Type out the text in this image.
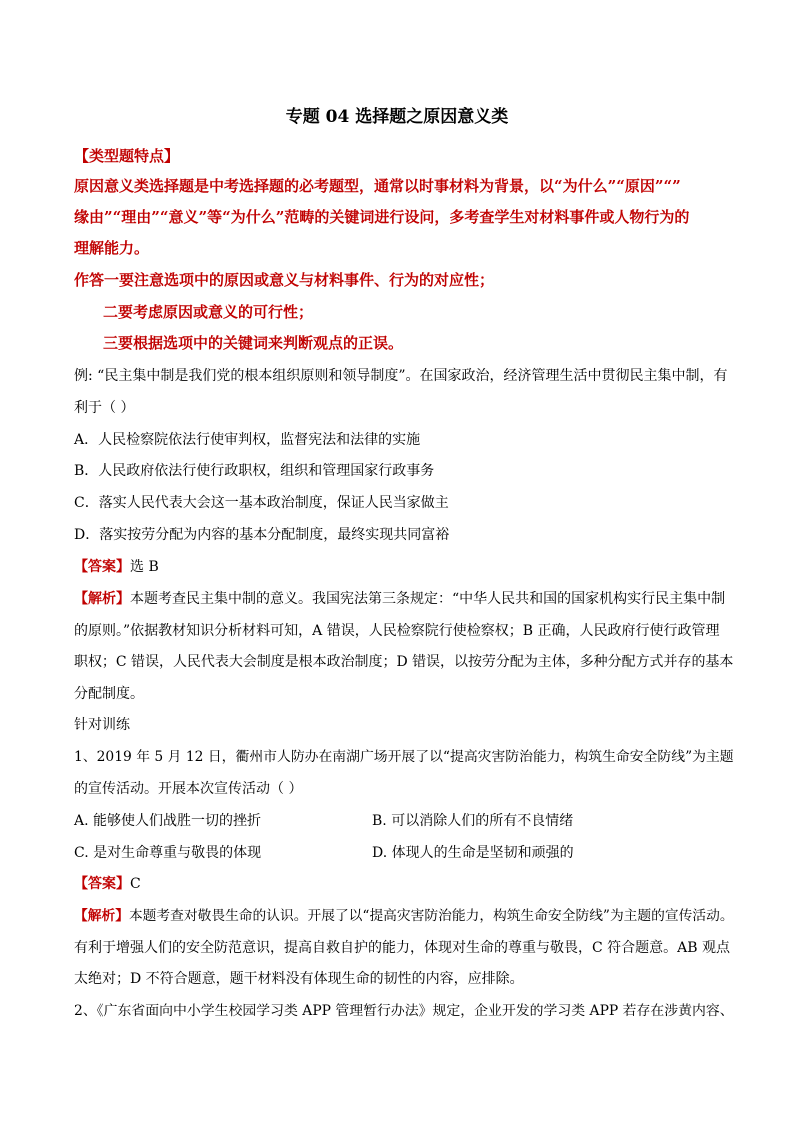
专题 04 选择题之原因意义类
【类型题特点】
原因意义类选择题是中考选择题的必考题型，通常以时事材料为背景，以“为什么”“原因”“”
缘由”“理由”“意义”等“为什么”范畴的关键词进行设问，多考查学生对材料事件或人物行为的
理解能力。
作答一要注意选项中的原因或意义与材料事件、行为的对应性；
二要考虑原因或意义的可行性；
三要根据选项中的关键词来判断观点的正误。
例: “民主集中制是我们党的根本组织原则和领导制度”。在国家政治，经济管理生活中贯彻民主集中制，有
利于（ ）
A．人民检察院依法行使审判权，监督宪法和法律的实施
B．人民政府依法行使行政职权，组织和管理国家行政事务
C．落实人民代表大会这一基本政治制度，保证人民当家做主
D．落实按劳分配为内容的基本分配制度，最终实现共同富裕
【答案】选 B
【解析】本题考查民主集中制的意义。我国宪法第三条规定：“中华人民共和国的国家机构实行民主集中制
的原则。”依据教材知识分析材料可知，A 错误，人民检察院行使检察权；B 正确，人民政府行使行政管理
职权；C 错误，人民代表大会制度是根本政治制度；D 错误，以按劳分配为主体，多种分配方式并存的基本
分配制度。
针对训练
1、2019 年 5 月 12 日，衢州市人防办在南湖广场开展了以“提高灾害防治能力，构筑生命安全防线”为主题
的宣传活动。开展本次宣传活动（ ）
A. 能够使人们战胜一切的挫折	B. 可以消除人们的所有不良情绪
C. 是对生命尊重与敬畏的体现	D. 体现人的生命是坚韧和顽强的
【答案】C
【解析】本题考查对敬畏生命的认识。开展了以“提高灾害防治能力，构筑生命安全防线”为主题的宣传活动。
有利于增强人们的安全防范意识，提高自救自护的能力，体现对生命的尊重与敬畏，C 符合题意。AB 观点
太绝对；D 不符合题意，题干材料没有体现生命的韧性的内容，应排除。
2、《广东省面向中小学生校园学习类 APP 管理暂行办法》规定，企业开发的学习类 APP 若存在涉黄内容、
